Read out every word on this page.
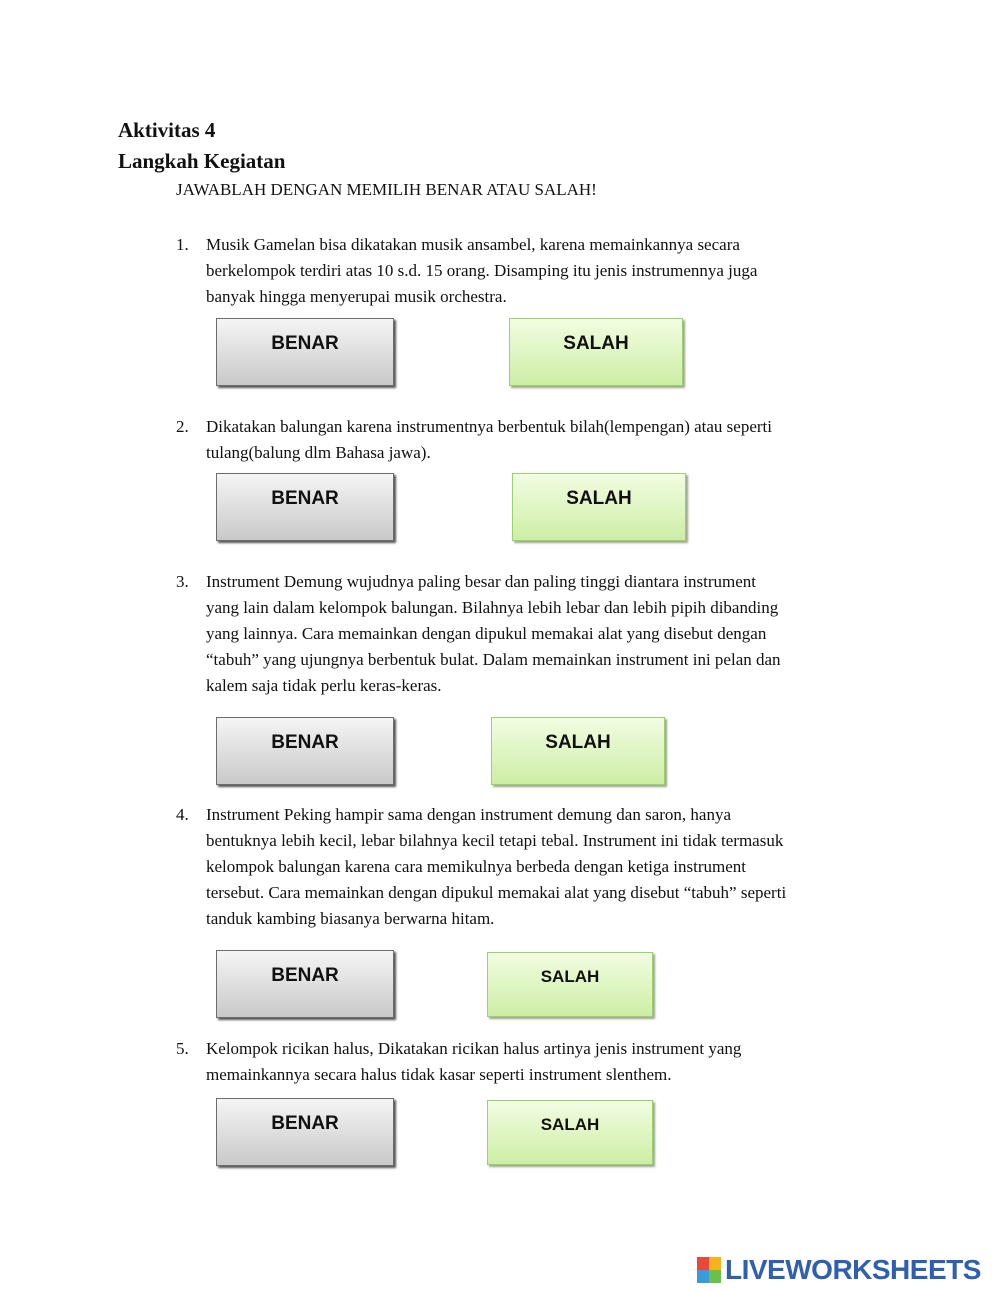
Aktivitas 4
Langkah Kegiatan
JAWABLAH DENGAN MEMILIH BENAR ATAU SALAH!
1. Musik Gamelan bisa dikatakan musik ansambel, karena memainkannya secara
berkelompok terdiri atas 10 s.d. 15 orang. Disamping itu jenis instrumennya juga
banyak hingga menyerupai musik orchestra.
BENAR	SALAH
2. Dikatakan balungan karena instrumentnya berbentuk bilah(lempengan) atau seperti
tulang(balung dlm Bahasa jawa).
BENAR	SALAH
3. Instrument Demung wujudnya paling besar dan paling tinggi diantara instrument
yang lain dalam kelompok balungan. Bilahnya lebih lebar dan lebih pipih dibanding
yang lainnya. Cara memainkan dengan dipukul memakai alat yang disebut dengan
“tabuh” yang ujungnya berbentuk bulat. Dalam memainkan instrument ini pelan dan
kalem saja tidak perlu keras-keras.
BENAR	SALAH
4. Instrument Peking hampir sama dengan instrument demung dan saron, hanya
bentuknya lebih kecil, lebar bilahnya kecil tetapi tebal. Instrument ini tidak termasuk
kelompok balungan karena cara memikulnya berbeda dengan ketiga instrument
tersebut. Cara memainkan dengan dipukul memakai alat yang disebut “tabuh” seperti
tanduk kambing biasanya berwarna hitam.
BENAR	SALAH
5. Kelompok ricikan halus, Dikatakan ricikan halus artinya jenis instrument yang
memainkannya secara halus tidak kasar seperti instrument slenthem.
BENAR	SALAH
LIVEWORKSHEETS
